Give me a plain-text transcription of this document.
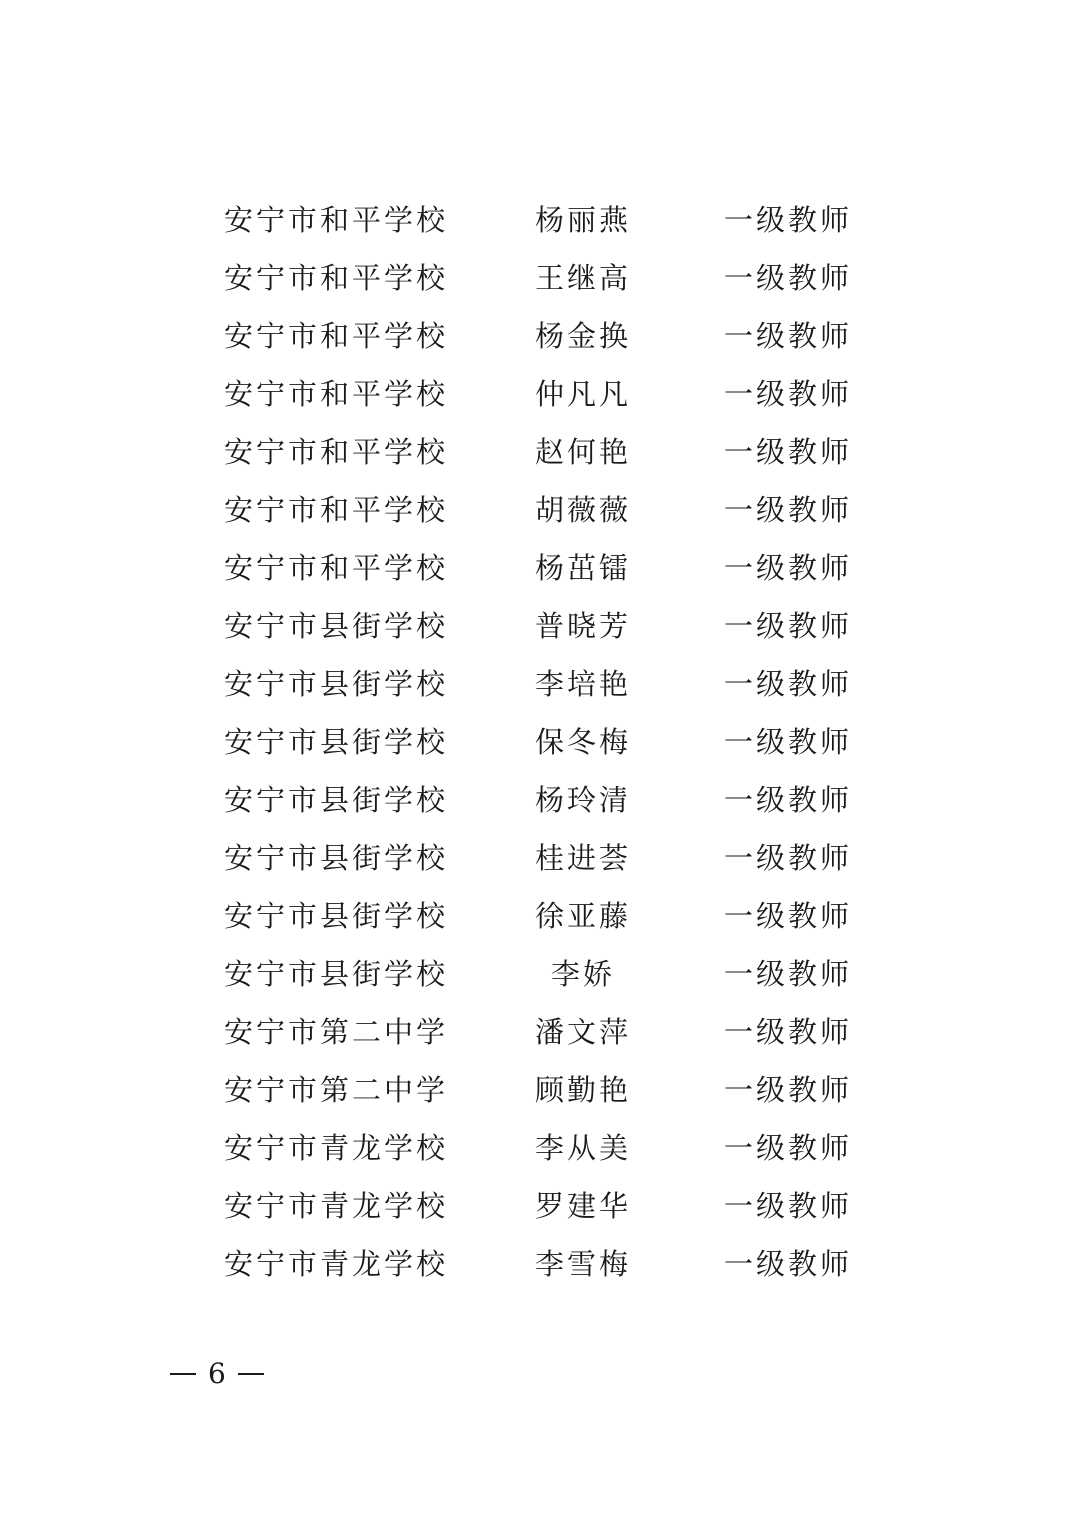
安宁市和平学校	杨丽燕	一级教师
安宁市和平学校	王继高	一级教师
安宁市和平学校	杨金换	一级教师
安宁市和平学校	仲凡凡	一级教师
安宁市和平学校	赵何艳	一级教师
安宁市和平学校	胡薇薇	一级教师
安宁市和平学校	杨茁镭	一级教师
安宁市县街学校	普晓芳	一级教师
安宁市县街学校	李培艳	一级教师
安宁市县街学校	保冬梅	一级教师
安宁市县街学校	杨玲清	一级教师
安宁市县街学校	桂进荟	一级教师
安宁市县街学校	徐亚藤	一级教师
安宁市县街学校	李娇	一级教师
安宁市第二中学	潘文萍	一级教师
安宁市第二中学	顾勤艳	一级教师
安宁市青龙学校	李从美	一级教师
安宁市青龙学校	罗建华	一级教师
安宁市青龙学校	李雪梅	一级教师
6
